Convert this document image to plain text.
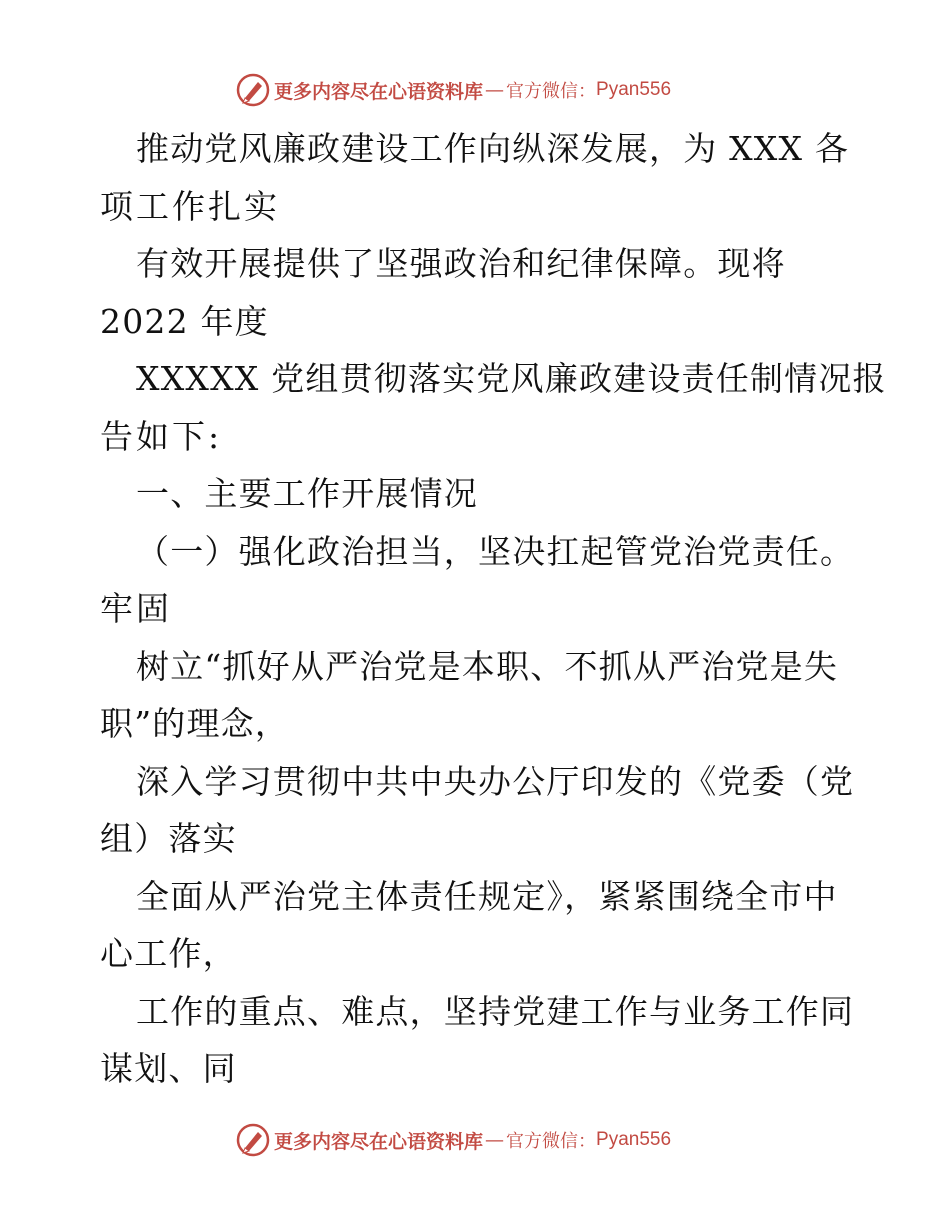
更多内容尽在心语资料库 — 官方微信： Pyan556
推动党风廉政建设工作向纵深发展，为 XXX 各
项工作扎实
有效开展提供了坚强政治和纪律保障。现将
2022 年度
XXXXX 党组贯彻落实党风廉政建设责任制情况报
告如下:
一、主要工作开展情况
（一）强化政治担当，坚决扛起管党治党责任。
牢固
树立“抓好从严治党是本职、不抓从严治党是失
职”的理念，
深入学习贯彻中共中央办公厅印发的《党委（党
组）落实
全面从严治党主体责任规定》，紧紧围绕全市中
心工作，
工作的重点、难点，坚持党建工作与业务工作同
谋划、同
更多内容尽在心语资料库 — 官方微信： Pyan556
